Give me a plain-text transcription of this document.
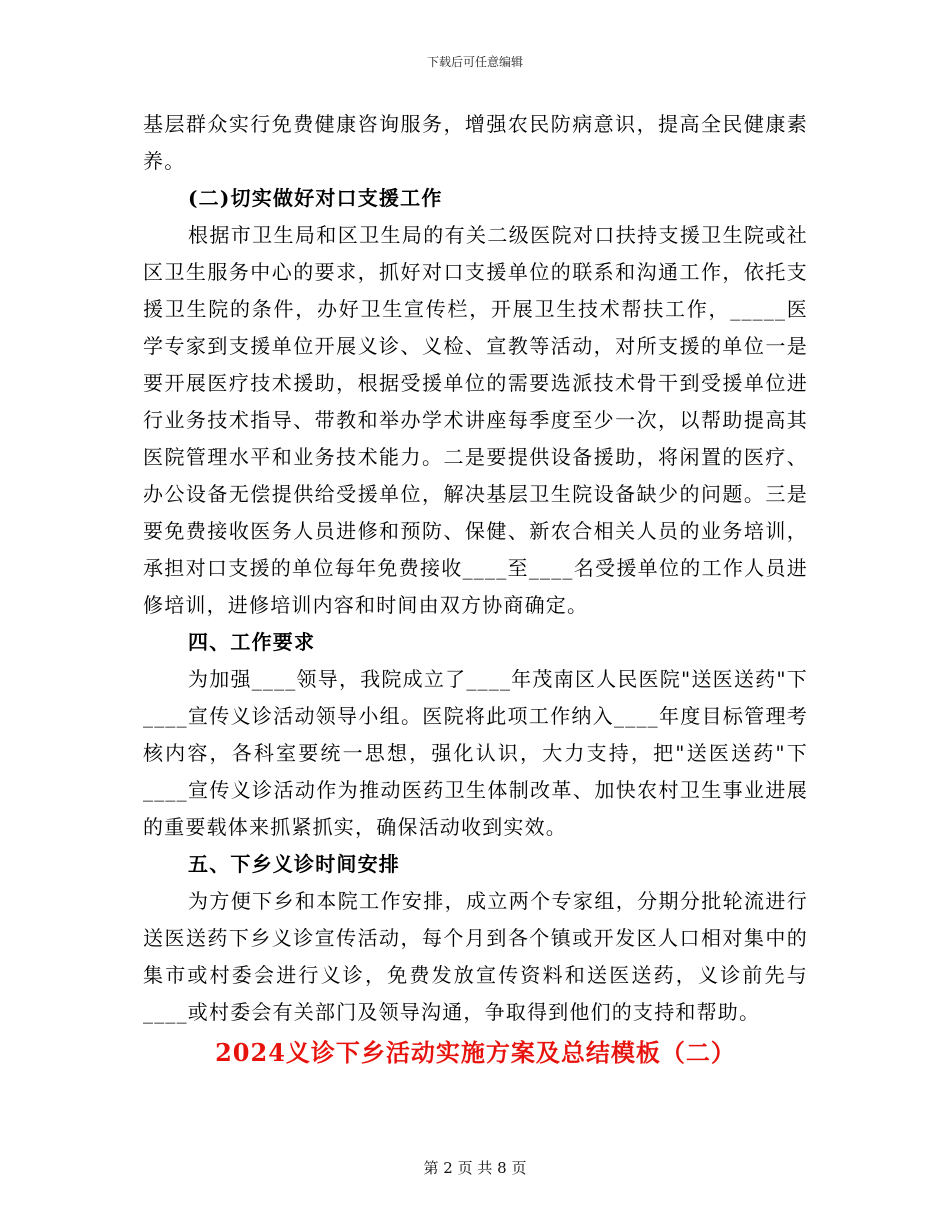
下载后可任意编辑

基层群众实行免费健康咨询服务，增强农民防病意识，提高全民健康素养。

(二)切实做好对口支援工作

根据市卫生局和区卫生局的有关二级医院对口扶持支援卫生院或社区卫生服务中心的要求，抓好对口支援单位的联系和沟通工作，依托支援卫生院的条件，办好卫生宣传栏，开展卫生技术帮扶工作，_____医学专家到支援单位开展义诊、义检、宣教等活动，对所支援的单位一是要开展医疗技术援助，根据受援单位的需要选派技术骨干到受援单位进行业务技术指导、带教和举办学术讲座每季度至少一次，以帮助提高其医院管理水平和业务技术能力。二是要提供设备援助，将闲置的医疗、办公设备无偿提供给受援单位，解决基层卫生院设备缺少的问题。三是要免费接收医务人员进修和预防、保健、新农合相关人员的业务培训，承担对口支援的单位每年免费接收____至____名受援单位的工作人员进修培训，进修培训内容和时间由双方协商确定。

四、工作要求

为加强____领导，我院成立了____年茂南区人民医院"送医送药"下____宣传义诊活动领导小组。医院将此项工作纳入____年度目标管理考核内容，各科室要统一思想，强化认识，大力支持，把"送医送药"下____宣传义诊活动作为推动医药卫生体制改革、加快农村卫生事业进展的重要载体来抓紧抓实，确保活动收到实效。

五、下乡义诊时间安排

为方便下乡和本院工作安排，成立两个专家组，分期分批轮流进行送医送药下乡义诊宣传活动，每个月到各个镇或开发区人口相对集中的集市或村委会进行义诊，免费发放宣传资料和送医送药，义诊前先与____或村委会有关部门及领导沟通，争取得到他们的支持和帮助。

2024义诊下乡活动实施方案及总结模板（二）

第 2 页 共 8 页
